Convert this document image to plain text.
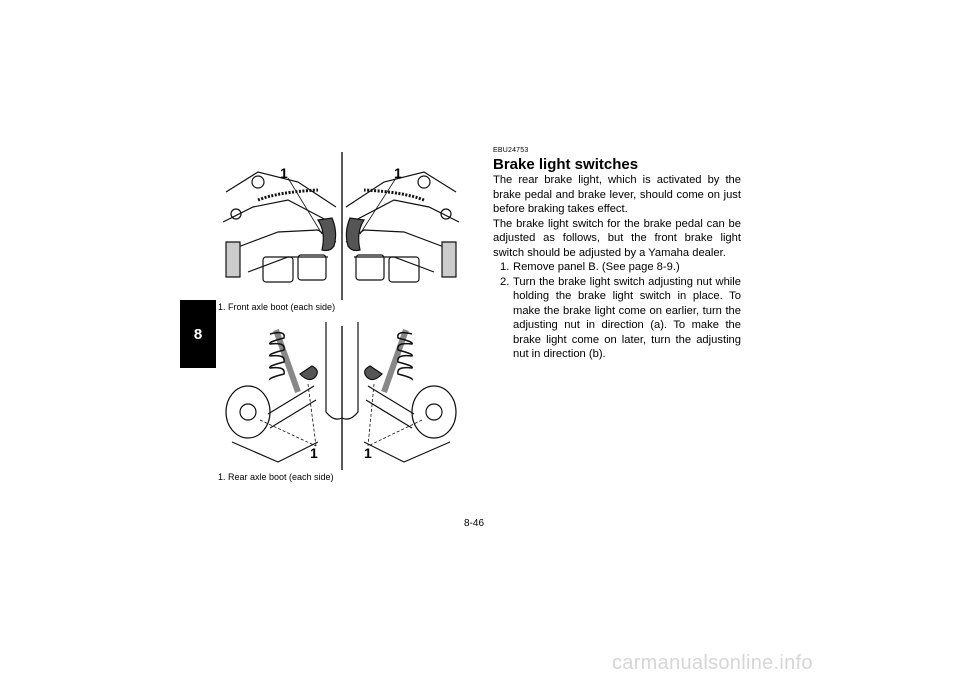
8
1	1
1. Front axle boot (each side)
1	1
1. Rear axle boot (each side)
EBU24753
Brake light switches

The rear brake light, which is activated by the brake pedal and brake lever, should come on just before braking takes effect.

The brake light switch for the brake pedal can be adjusted as follows, but the front brake light switch should be adjusted by a Yamaha dealer.

1. Remove panel B. (See page 8-9.)
2. Turn the brake light switch adjusting nut while holding the brake light switch in place. To make the brake light come on earlier, turn the adjusting nut in direction (a). To make the brake light come on later, turn the adjusting nut in direction (b).
8-46
carmanualsonline.info
